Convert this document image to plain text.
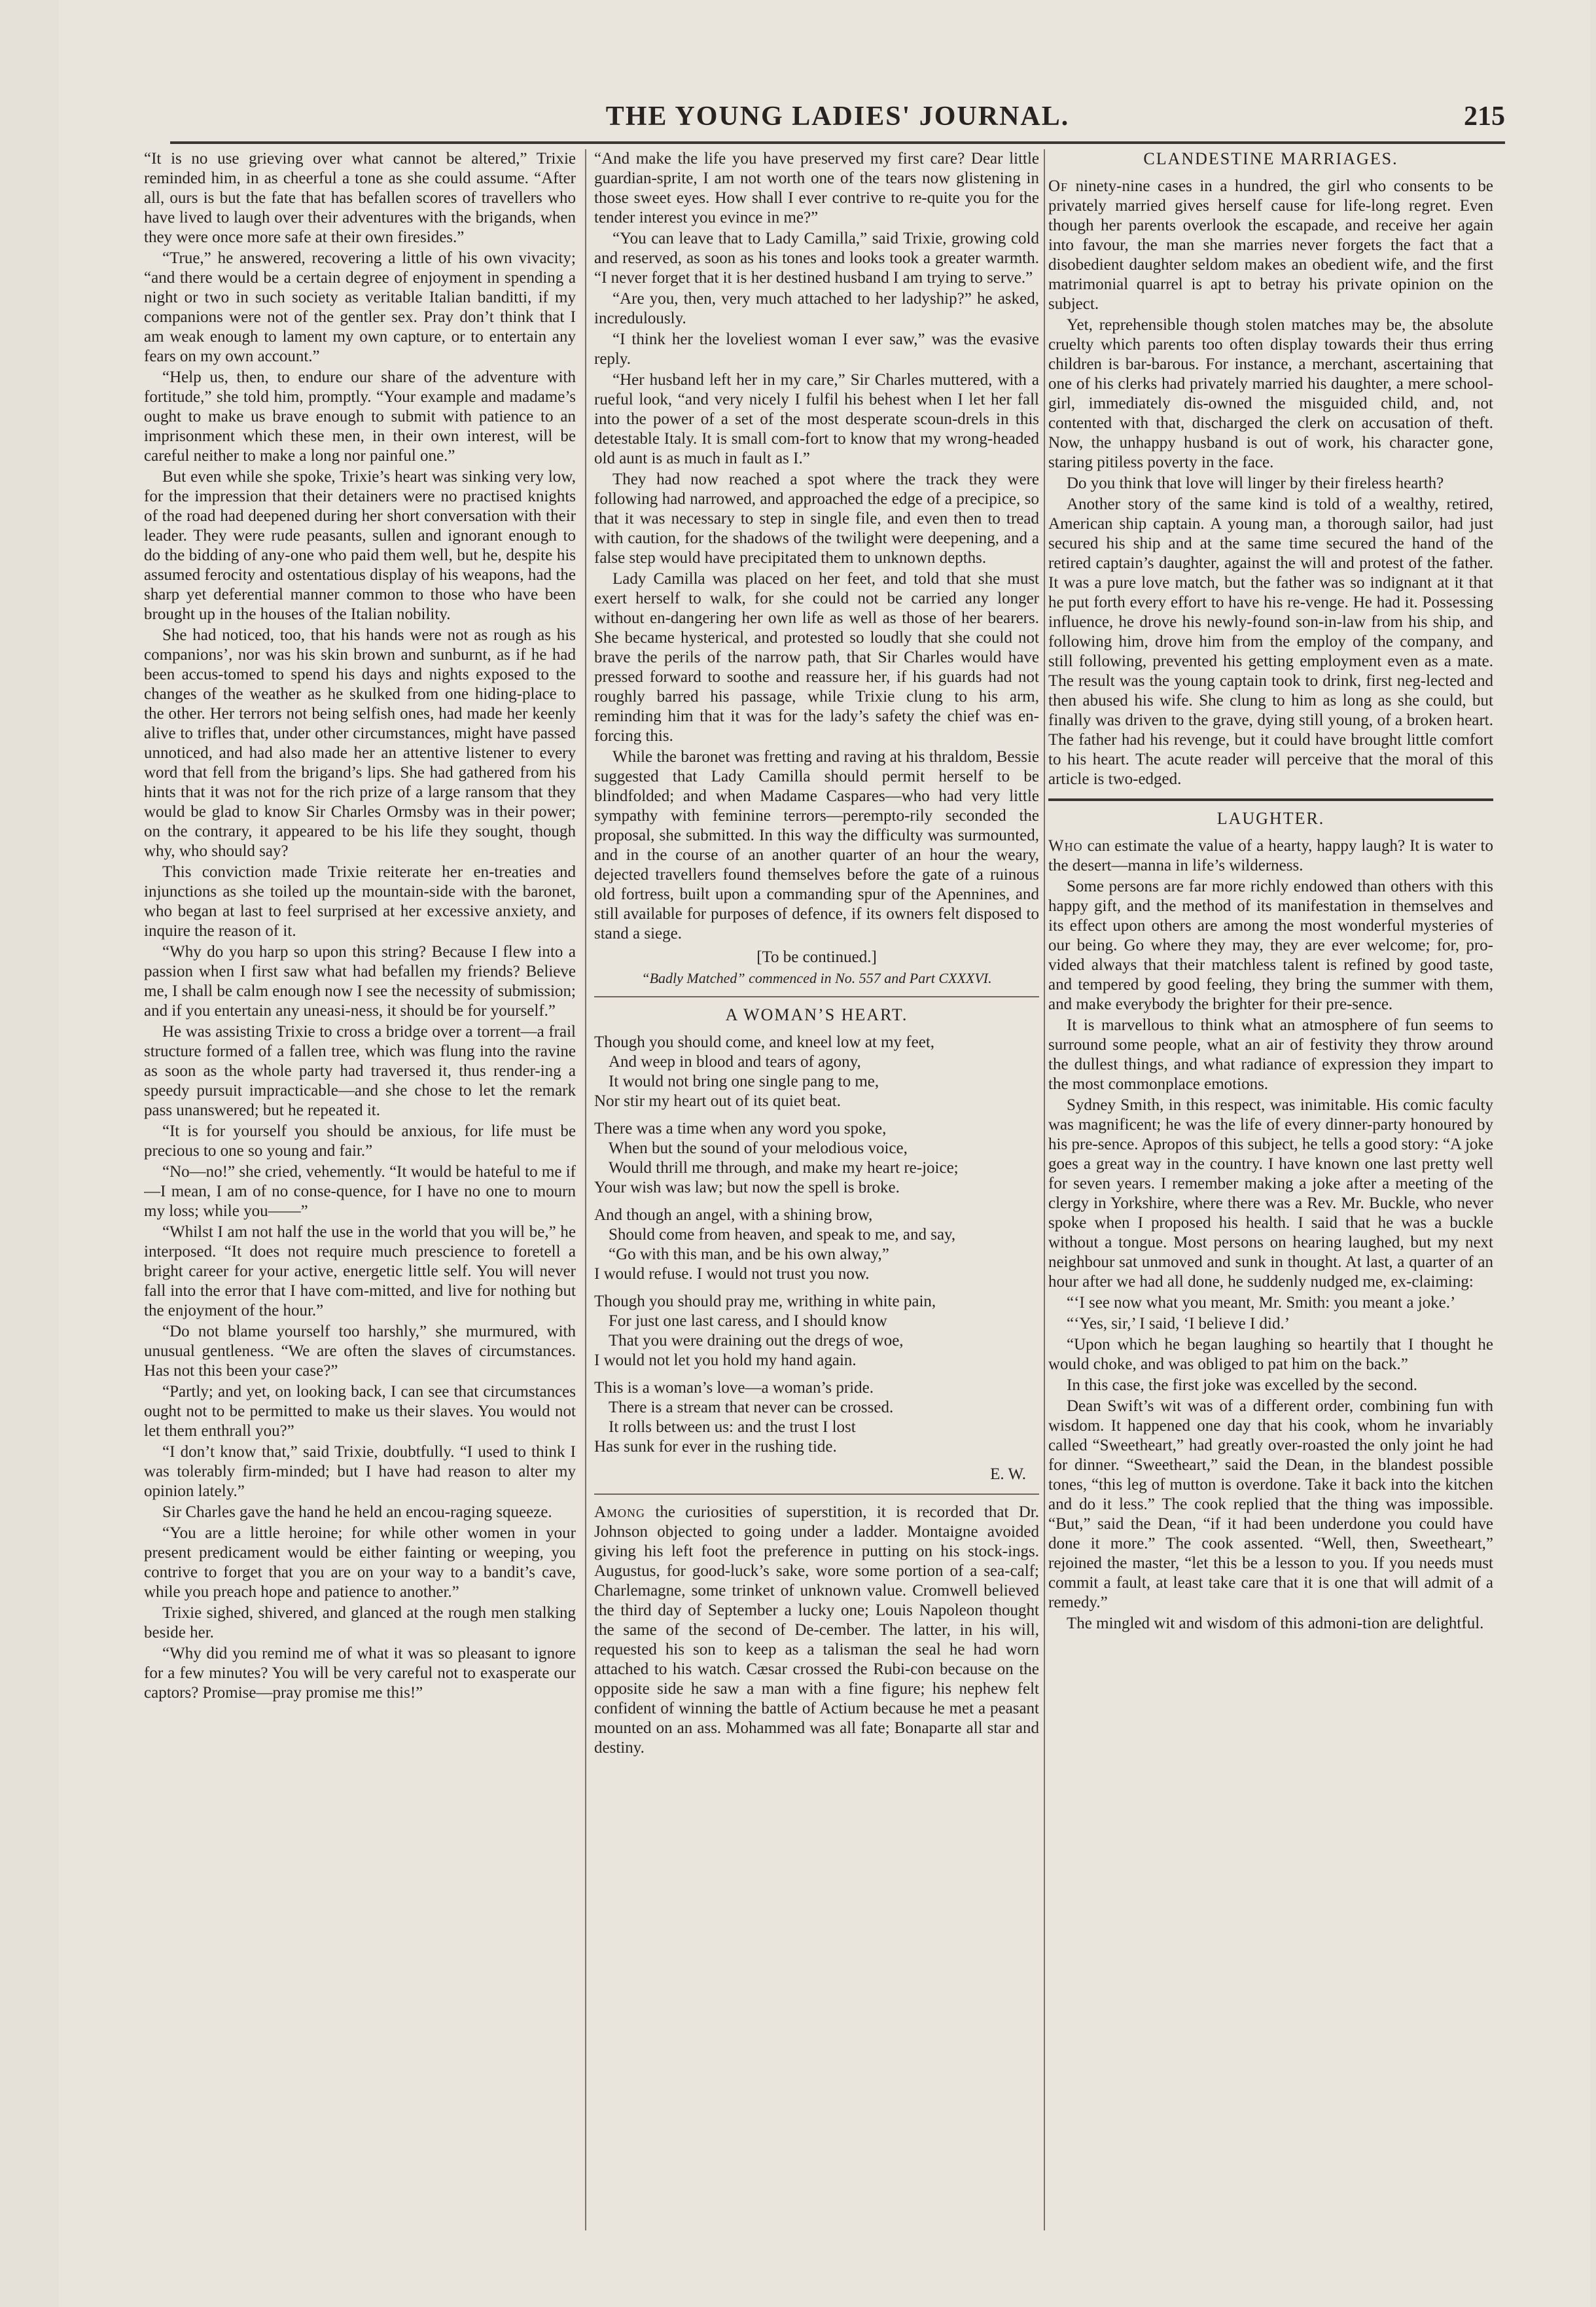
THE YOUNG LADIES' JOURNAL.	215

“It is no use grieving over what cannot be altered,” Trixie reminded him, in as cheerful a tone as she could assume. “After all, ours is but the fate that has befallen scores of travellers who have lived to laugh over their adventures with the brigands, when they were once more safe at their own firesides.”

“True,” he answered, recovering a little of his own vivacity; “and there would be a certain degree of enjoyment in spending a night or two in such society as veritable Italian banditti, if my companions were not of the gentler sex. Pray don’t think that I am weak enough to lament my own capture, or to entertain any fears on my own account.”

“Help us, then, to endure our share of the adventure with fortitude,” she told him, promptly. “Your example and madame’s ought to make us brave enough to submit with patience to an imprisonment which these men, in their own interest, will be careful neither to make a long nor painful one.”

But even while she spoke, Trixie’s heart was sinking very low, for the impression that their detainers were no practised knights of the road had deepened during her short conversation with their leader. They were rude peasants, sullen and ignorant enough to do the bidding of any-one who paid them well, but he, despite his assumed ferocity and ostentatious display of his weapons, had the sharp yet deferential manner common to those who have been brought up in the houses of the Italian nobility.

She had noticed, too, that his hands were not as rough as his companions’, nor was his skin brown and sunburnt, as if he had been accus-tomed to spend his days and nights exposed to the changes of the weather as he skulked from one hiding-place to the other. Her terrors not being selfish ones, had made her keenly alive to trifles that, under other circumstances, might have passed unnoticed, and had also made her an attentive listener to every word that fell from the brigand’s lips. She had gathered from his hints that it was not for the rich prize of a large ransom that they would be glad to know Sir Charles Ormsby was in their power; on the contrary, it appeared to be his life they sought, though why, who should say?

This conviction made Trixie reiterate her en-treaties and injunctions as she toiled up the mountain-side with the baronet, who began at last to feel surprised at her excessive anxiety, and inquire the reason of it.

“Why do you harp so upon this string? Because I flew into a passion when I first saw what had befallen my friends? Believe me, I shall be calm enough now I see the necessity of submission; and if you entertain any uneasi-ness, it should be for yourself.”

He was assisting Trixie to cross a bridge over a torrent—a frail structure formed of a fallen tree, which was flung into the ravine as soon as the whole party had traversed it, thus render-ing a speedy pursuit impracticable—and she chose to let the remark pass unanswered; but he repeated it.

“It is for yourself you should be anxious, for life must be precious to one so young and fair.”

“No—no!” she cried, vehemently. “It would be hateful to me if—I mean, I am of no conse-quence, for I have no one to mourn my loss; while you——”

“Whilst I am not half the use in the world that you will be,” he interposed. “It does not require much prescience to foretell a bright career for your active, energetic little self. You will never fall into the error that I have com-mitted, and live for nothing but the enjoyment of the hour.”

“Do not blame yourself too harshly,” she murmured, with unusual gentleness. “We are often the slaves of circumstances. Has not this been your case?”

“Partly; and yet, on looking back, I can see that circumstances ought not to be permitted to make us their slaves. You would not let them enthrall you?”

“I don’t know that,” said Trixie, doubtfully. “I used to think I was tolerably firm-minded; but I have had reason to alter my opinion lately.”

Sir Charles gave the hand he held an encou-raging squeeze.

“You are a little heroine; for while other women in your present predicament would be either fainting or weeping, you contrive to forget that you are on your way to a bandit’s cave, while you preach hope and patience to another.”

Trixie sighed, shivered, and glanced at the rough men stalking beside her.

“Why did you remind me of what it was so pleasant to ignore for a few minutes? You will be very careful not to exasperate our captors? Promise—pray promise me this!”

“And make the life you have preserved my first care? Dear little guardian-sprite, I am not worth one of the tears now glistening in those sweet eyes. How shall I ever contrive to re-quite you for the tender interest you evince in me?”

“You can leave that to Lady Camilla,” said Trixie, growing cold and reserved, as soon as his tones and looks took a greater warmth. “I never forget that it is her destined husband I am trying to serve.”

“Are you, then, very much attached to her ladyship?” he asked, incredulously.

“I think her the loveliest woman I ever saw,” was the evasive reply.

“Her husband left her in my care,” Sir Charles muttered, with a rueful look, “and very nicely I fulfil his behest when I let her fall into the power of a set of the most desperate scoun-drels in this detestable Italy. It is small com-fort to know that my wrong-headed old aunt is as much in fault as I.”

They had now reached a spot where the track they were following had narrowed, and approached the edge of a precipice, so that it was necessary to step in single file, and even then to tread with caution, for the shadows of the twilight were deepening, and a false step would have precipitated them to unknown depths.

Lady Camilla was placed on her feet, and told that she must exert herself to walk, for she could not be carried any longer without en-dangering her own life as well as those of her bearers. She became hysterical, and protested so loudly that she could not brave the perils of the narrow path, that Sir Charles would have pressed forward to soothe and reassure her, if his guards had not roughly barred his passage, while Trixie clung to his arm, reminding him that it was for the lady’s safety the chief was en-forcing this.

While the baronet was fretting and raving at his thraldom, Bessie suggested that Lady Camilla should permit herself to be blindfolded; and when Madame Caspares—who had very little sympathy with feminine terrors—perempto-rily seconded the proposal, she submitted. In this way the difficulty was surmounted, and in the course of an another quarter of an hour the weary, dejected travellers found themselves before the gate of a ruinous old fortress, built upon a commanding spur of the Apennines, and still available for purposes of defence, if its owners felt disposed to stand a siege.

[To be continued.]
“Badly Matched” commenced in No. 557 and Part CXXXVI.
A WOMAN’S HEART.
Though you should come, and kneel low at my feet,
And weep in blood and tears of agony,
It would not bring one single pang to me,
Nor stir my heart out of its quiet beat.
There was a time when any word you spoke,
When but the sound of your melodious voice,
Would thrill me through, and make my heart re-joice;
Your wish was law; but now the spell is broke.
And though an angel, with a shining brow,
Should come from heaven, and speak to me, and say,
“Go with this man, and be his own alway,”
I would refuse. I would not trust you now.
Though you should pray me, writhing in white pain,
For just one last caress, and I should know
That you were draining out the dregs of woe,
I would not let you hold my hand again.
This is a woman’s love—a woman’s pride.
There is a stream that never can be crossed.
It rolls between us: and the trust I lost
Has sunk for ever in the rushing tide.
E. W.

Among the curiosities of superstition, it is recorded that Dr. Johnson objected to going under a ladder. Montaigne avoided giving his left foot the preference in putting on his stock-ings. Augustus, for good-luck’s sake, wore some portion of a sea-calf; Charlemagne, some trinket of unknown value. Cromwell believed the third day of September a lucky one; Louis Napoleon thought the same of the second of De-cember. The latter, in his will, requested his son to keep as a talisman the seal he had worn attached to his watch. Cæsar crossed the Rubi-con because on the opposite side he saw a man with a fine figure; his nephew felt confident of winning the battle of Actium because he met a peasant mounted on an ass. Mohammed was all fate; Bonaparte all star and destiny.

CLANDESTINE MARRIAGES.

Of ninety-nine cases in a hundred, the girl who consents to be privately married gives herself cause for life-long regret. Even though her parents overlook the escapade, and receive her again into favour, the man she marries never forgets the fact that a disobedient daughter seldom makes an obedient wife, and the first matrimonial quarrel is apt to betray his private opinion on the subject.

Yet, reprehensible though stolen matches may be, the absolute cruelty which parents too often display towards their thus erring children is bar-barous. For instance, a merchant, ascertaining that one of his clerks had privately married his daughter, a mere school-girl, immediately dis-owned the misguided child, and, not contented with that, discharged the clerk on accusation of theft. Now, the unhappy husband is out of work, his character gone, staring pitiless poverty in the face.

Do you think that love will linger by their fireless hearth?

Another story of the same kind is told of a wealthy, retired, American ship captain. A young man, a thorough sailor, had just secured his ship and at the same time secured the hand of the retired captain’s daughter, against the will and protest of the father. It was a pure love match, but the father was so indignant at it that he put forth every effort to have his re-venge. He had it. Possessing influence, he drove his newly-found son-in-law from his ship, and following him, drove him from the employ of the company, and still following, prevented his getting employment even as a mate. The result was the young captain took to drink, first neg-lected and then abused his wife. She clung to him as long as she could, but finally was driven to the grave, dying still young, of a broken heart. The father had his revenge, but it could have brought little comfort to his heart. The acute reader will perceive that the moral of this article is two-edged.

LAUGHTER.

Who can estimate the value of a hearty, happy laugh? It is water to the desert—manna in life’s wilderness.

Some persons are far more richly endowed than others with this happy gift, and the method of its manifestation in themselves and its effect upon others are among the most wonderful mysteries of our being. Go where they may, they are ever welcome; for, pro-vided always that their matchless talent is refined by good taste, and tempered by good feeling, they bring the summer with them, and make everybody the brighter for their pre-sence.

It is marvellous to think what an atmosphere of fun seems to surround some people, what an air of festivity they throw around the dullest things, and what radiance of expression they impart to the most commonplace emotions.

Sydney Smith, in this respect, was inimitable. His comic faculty was magnificent; he was the life of every dinner-party honoured by his pre-sence. Apropos of this subject, he tells a good story: “A joke goes a great way in the country. I have known one last pretty well for seven years. I remember making a joke after a meeting of the clergy in Yorkshire, where there was a Rev. Mr. Buckle, who never spoke when I proposed his health. I said that he was a buckle without a tongue. Most persons on hearing laughed, but my next neighbour sat unmoved and sunk in thought. At last, a quarter of an hour after we had all done, he suddenly nudged me, ex-claiming:

“‘I see now what you meant, Mr. Smith: you meant a joke.’

“‘Yes, sir,’ I said, ‘I believe I did.’

“Upon which he began laughing so heartily that I thought he would choke, and was obliged to pat him on the back.”

In this case, the first joke was excelled by the second.

Dean Swift’s wit was of a different order, combining fun with wisdom. It happened one day that his cook, whom he invariably called “Sweetheart,” had greatly over-roasted the only joint he had for dinner. “Sweetheart,” said the Dean, in the blandest possible tones, “this leg of mutton is overdone. Take it back into the kitchen and do it less.” The cook replied that the thing was impossible. “But,” said the Dean, “if it had been underdone you could have done it more.” The cook assented. “Well, then, Sweetheart,” rejoined the master, “let this be a lesson to you. If you needs must commit a fault, at least take care that it is one that will admit of a remedy.”

The mingled wit and wisdom of this admoni-tion are delightful.
